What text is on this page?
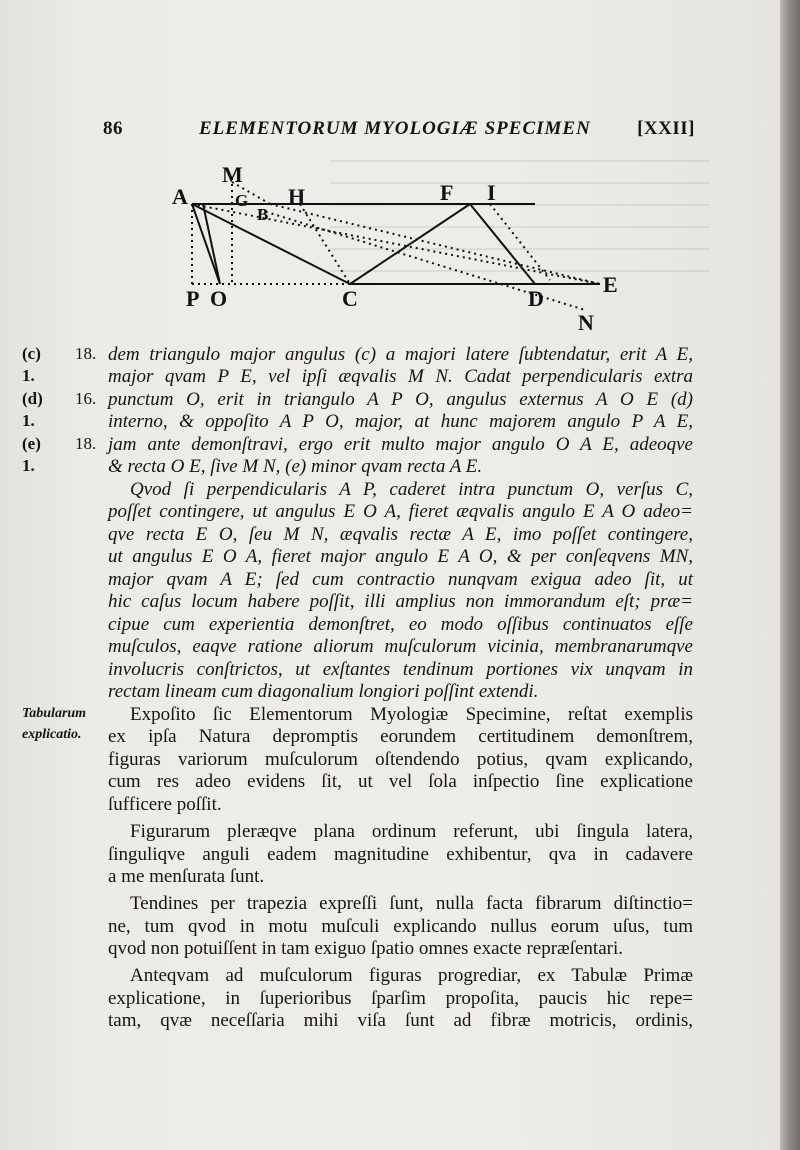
86	ELEMENTORUM MYOLOGIÆ SPECIMEN [XXII]
M
A	G H	F I
B
P O	C	D
E
N
(c) 18.
1.
(d) 16.
1.
(e) 18.
1.
Tabularum
explicatio.
dem triangulo major angulus (c) a majori latere ſubtendatur, erit A E,
major qvam P E, vel ipſi æqvalis M N. Cadat perpendicularis extra
punctum O, erit in triangulo A P O, angulus externus A O E (d)
interno, & oppoſito A P O, major, at hunc majorem angulo P A E,
jam ante demonſtravi, ergo erit multo major angulo O A E, adeoqve
& recta O E, ſive M N, (e) minor qvam recta A E.
Qvod ſi perpendicularis A P, caderet intra punctum O, verſus C,
poſſet contingere, ut angulus E O A, fieret æqvalis angulo E A O adeo=
qve recta E O, ſeu M N, æqvalis rectæ A E, imo poſſet contingere,
ut angulus E O A, fieret major angulo E A O, & per conſeqvens MN,
major qvam A E; ſed cum contractio nunqvam exigua adeo ſit, ut
hic caſus locum habere poſſit, illi amplius non immorandum eſt; præ=
cipue cum experientia demonſtret, eo modo oſſibus continuatos eſſe
muſculos, eaqve ratione aliorum muſculorum vicinia, membranarumqve
involucris conſtrictos, ut exſtantes tendinum portiones vix unqvam in
rectam lineam cum diagonalium longiori poſſint extendi.
Expoſito ſic Elementorum Myologiæ Specimine, reſtat exemplis
ex ipſa Natura depromptis eorundem certitudinem demonſtrem,
figuras variorum muſculorum oſtendendo potius, qvam explicando,
cum res adeo evidens ſit, ut vel ſola inſpectio ſine explicatione
ſufficere poſſit.
Figurarum pleræqve plana ordinum referunt, ubi ſingula latera,
ſinguliqve anguli eadem magnitudine exhibentur, qva in cadavere
a me menſurata ſunt.
Tendines per trapezia expreſſi ſunt, nulla facta fibrarum diſtinctio=
ne, tum qvod in motu muſculi explicando nullus eorum uſus, tum
qvod non potuiſſent in tam exiguo ſpatio omnes exacte repræſentari.
Anteqvam ad muſculorum figuras progrediar, ex Tabulæ Primæ
explicatione, in ſuperioribus ſparſim propoſita, paucis hic repe=
tam, qvæ neceſſaria mihi viſa ſunt ad fibræ motricis, ordinis,
